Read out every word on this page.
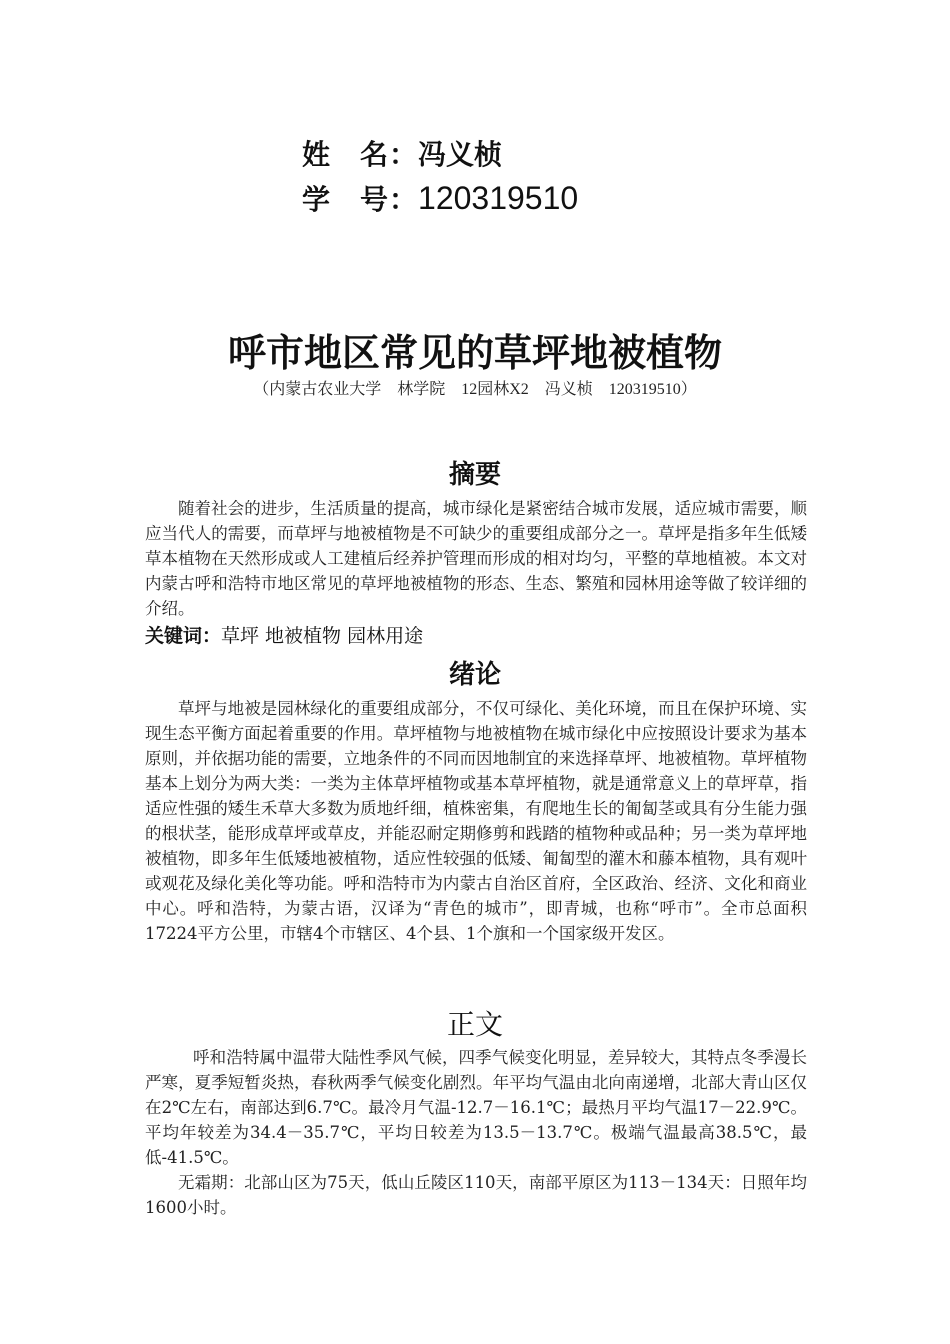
姓　名：冯义桢
学　号：120319510
呼市地区常见的草坪地被植物
（内蒙古农业大学　林学院　12园林X2　冯义桢　120319510）
摘要
随着社会的进步，生活质量的提高，城市绿化是紧密结合城市发展，适应城市需要，顺应当代人的需要，而草坪与地被植物是不可缺少的重要组成部分之一。草坪是指多年生低矮草本植物在天然形成或人工建植后经养护管理而形成的相对均匀，平整的草地植被。本文对内蒙古呼和浩特市地区常见的草坪地被植物的形态、生态、繁殖和园林用途等做了较详细的介绍。
关键词：草坪 地被植物 园林用途
绪论
草坪与地被是园林绿化的重要组成部分，不仅可绿化、美化环境，而且在保护环境、实现生态平衡方面起着重要的作用。草坪植物与地被植物在城市绿化中应按照设计要求为基本原则，并依据功能的需要，立地条件的不同而因地制宜的来选择草坪、地被植物。草坪植物基本上划分为两大类：一类为主体草坪植物或基本草坪植物，就是通常意义上的草坪草，指适应性强的矮生禾草大多数为质地纤细，植株密集，有爬地生长的匍匐茎或具有分生能力强的根状茎，能形成草坪或草皮，并能忍耐定期修剪和践踏的植物种或品种；另一类为草坪地被植物，即多年生低矮地被植物，适应性较强的低矮、匍匐型的灌木和藤本植物，具有观叶或观花及绿化美化等功能。呼和浩特市为内蒙古自治区首府，全区政治、经济、文化和商业中心。呼和浩特，为蒙古语，汉译为“青色的城市”，即青城，也称“呼市”。全市总面积17224平方公里，市辖4个市辖区、4个县、1个旗和一个国家级开发区。
正文
呼和浩特属中温带大陆性季风气候，四季气候变化明显，差异较大，其特点冬季漫长严寒，夏季短暂炎热，春秋两季气候变化剧烈。年平均气温由北向南递增，北部大青山区仅在2℃左右，南部达到6.7℃。最冷月气温-12.7－16.1℃；最热月平均气温17－22.9℃。平均年较差为34.4－35.7℃，平均日较差为13.5－13.7℃。极端气温最高38.5℃，最低-41.5℃。
无霜期：北部山区为75天，低山丘陵区110天，南部平原区为113－134天：日照年均1600小时。
